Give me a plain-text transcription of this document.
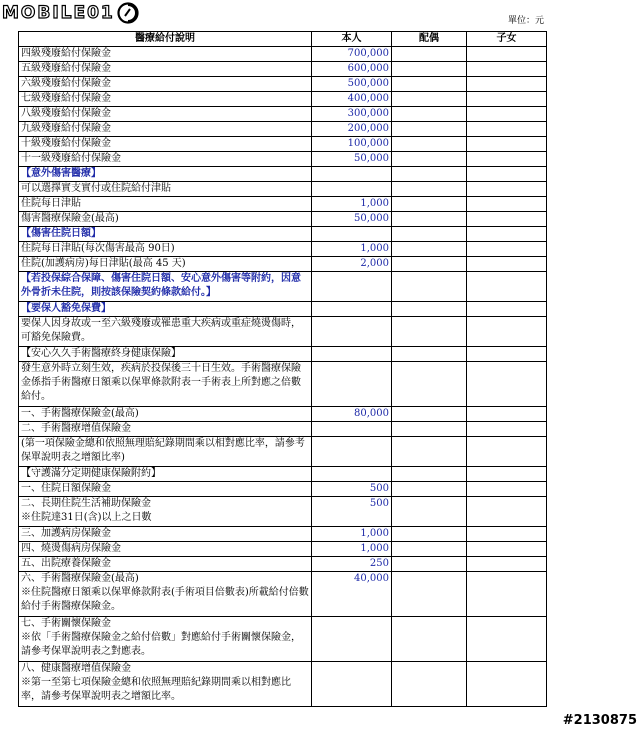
MOBILE01	單位：元
醫療給付說明	本人	配偶	子女
四級殘廢給付保險金	700,000		
五級殘廢給付保險金	600,000		
六級殘廢給付保險金	500,000		
七級殘廢給付保險金	400,000		
八級殘廢給付保險金	300,000		
九級殘廢給付保險金	200,000		
十級殘廢給付保險金	100,000		
十一級殘廢給付保險金	50,000		
【意外傷害醫療】			
可以選擇實支實付或住院給付津貼			
住院每日津貼	1,000		
傷害醫療保險金(最高)	50,000		
【傷害住院日額】			
住院每日津貼(每次傷害最高 90日)	1,000		
住院(加護病房)每日津貼(最高 45 天)	2,000		
【若投保綜合保障、傷害住院日額、安心意外傷害等附約，因意外骨折未住院，則按該保險契約條款給付。】			
【要保人豁免保費】			
要保人因身故或一至六級殘廢或罹患重大疾病或重症燒燙傷時，可豁免保險費。			
【安心久久手術醫療終身健康保險】			
發生意外時立刻生效，疾病於投保後三十日生效。手術醫療保險金係指手術醫療日額乘以保單條款附表一手術表上所對應之倍數給付。			
一、手術醫療保險金(最高)	80,000		
二、手術醫療增值保險金			
(第一項保險金總和依照無理賠紀錄期間乘以相對應比率，請參考保單說明表之增額比率)			
【守護滿分定期健康保險附約】			
一、住院日額保險金	500		
二、長期住院生活補助保險金
※住院達31日(含)以上之日數	500		
三、加護病房保險金	1,000		
四、燒燙傷病房保險金	1,000		
五、出院療養保險金	250		
六、手術醫療保險金(最高)
※住院醫療日額乘以保單條款附表(手術項目倍數表)所載給付倍數給付手術醫療保險金。	40,000		
七、手術關懷保險金
※依「手術醫療保險金之給付倍數」對應給付手術關懷保險金，請參考保單說明表之對應表。			
八、健康醫療增值保險金
※第一至第七項保險金總和依照無理賠紀錄期間乘以相對應比率，請參考保單說明表之增額比率。			
#2130875
